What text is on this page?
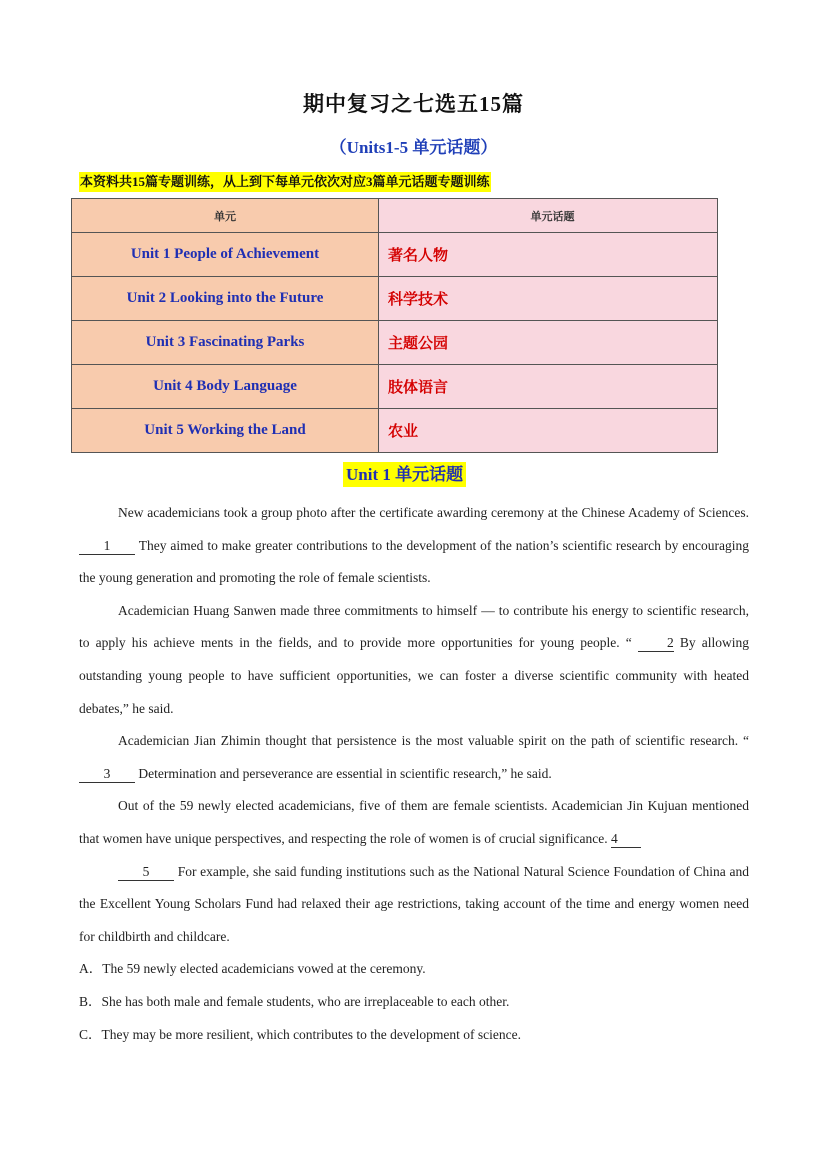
期中复习之七选五15篇
（Units1-5 单元话题）
本资料共15篇专题训练，从上到下每单元依次对应3篇单元话题专题训练
单元	单元话题
Unit 1 People of Achievement	著名人物
Unit 2 Looking into the Future	科学技术
Unit 3 Fascinating Parks	主题公园
Unit 4 Body Language	肢体语言
Unit 5 Working the Land	农业
Unit 1 单元话题

New academicians took a group photo after the certificate awarding ceremony at the Chinese Academy of Sciences. 1 They aimed to make greater contributions to the development of the nation’s scientific research by encouraging the young generation and promoting the role of female scientists.

Academician Huang Sanwen made three commitments to himself — to contribute his energy to scientific research, to apply his achieve ments in the fields, and to provide more opportunities for young people. “ 2 By allowing outstanding young people to have sufficient opportunities, we can foster a diverse scientific community with heated debates,” he said.

Academician Jian Zhimin thought that persistence is the most valuable spirit on the path of scientific research. “ 3 Determination and perseverance are essential in scientific research,” he said.

Out of the 59 newly elected academicians, five of them are female scientists. Academician Jin Kujuan mentioned that women have unique perspectives, and respecting the role of women is of crucial significance. 4

5 For example, she said funding institutions such as the National Natural Science Foundation of China and the Excellent Young Scholars Fund had relaxed their age restrictions, taking account of the time and energy women need for childbirth and childcare.

A．The 59 newly elected academicians vowed at the ceremony.

B．She has both male and female students, who are irreplaceable to each other.

C．They may be more resilient, which contributes to the development of science.
